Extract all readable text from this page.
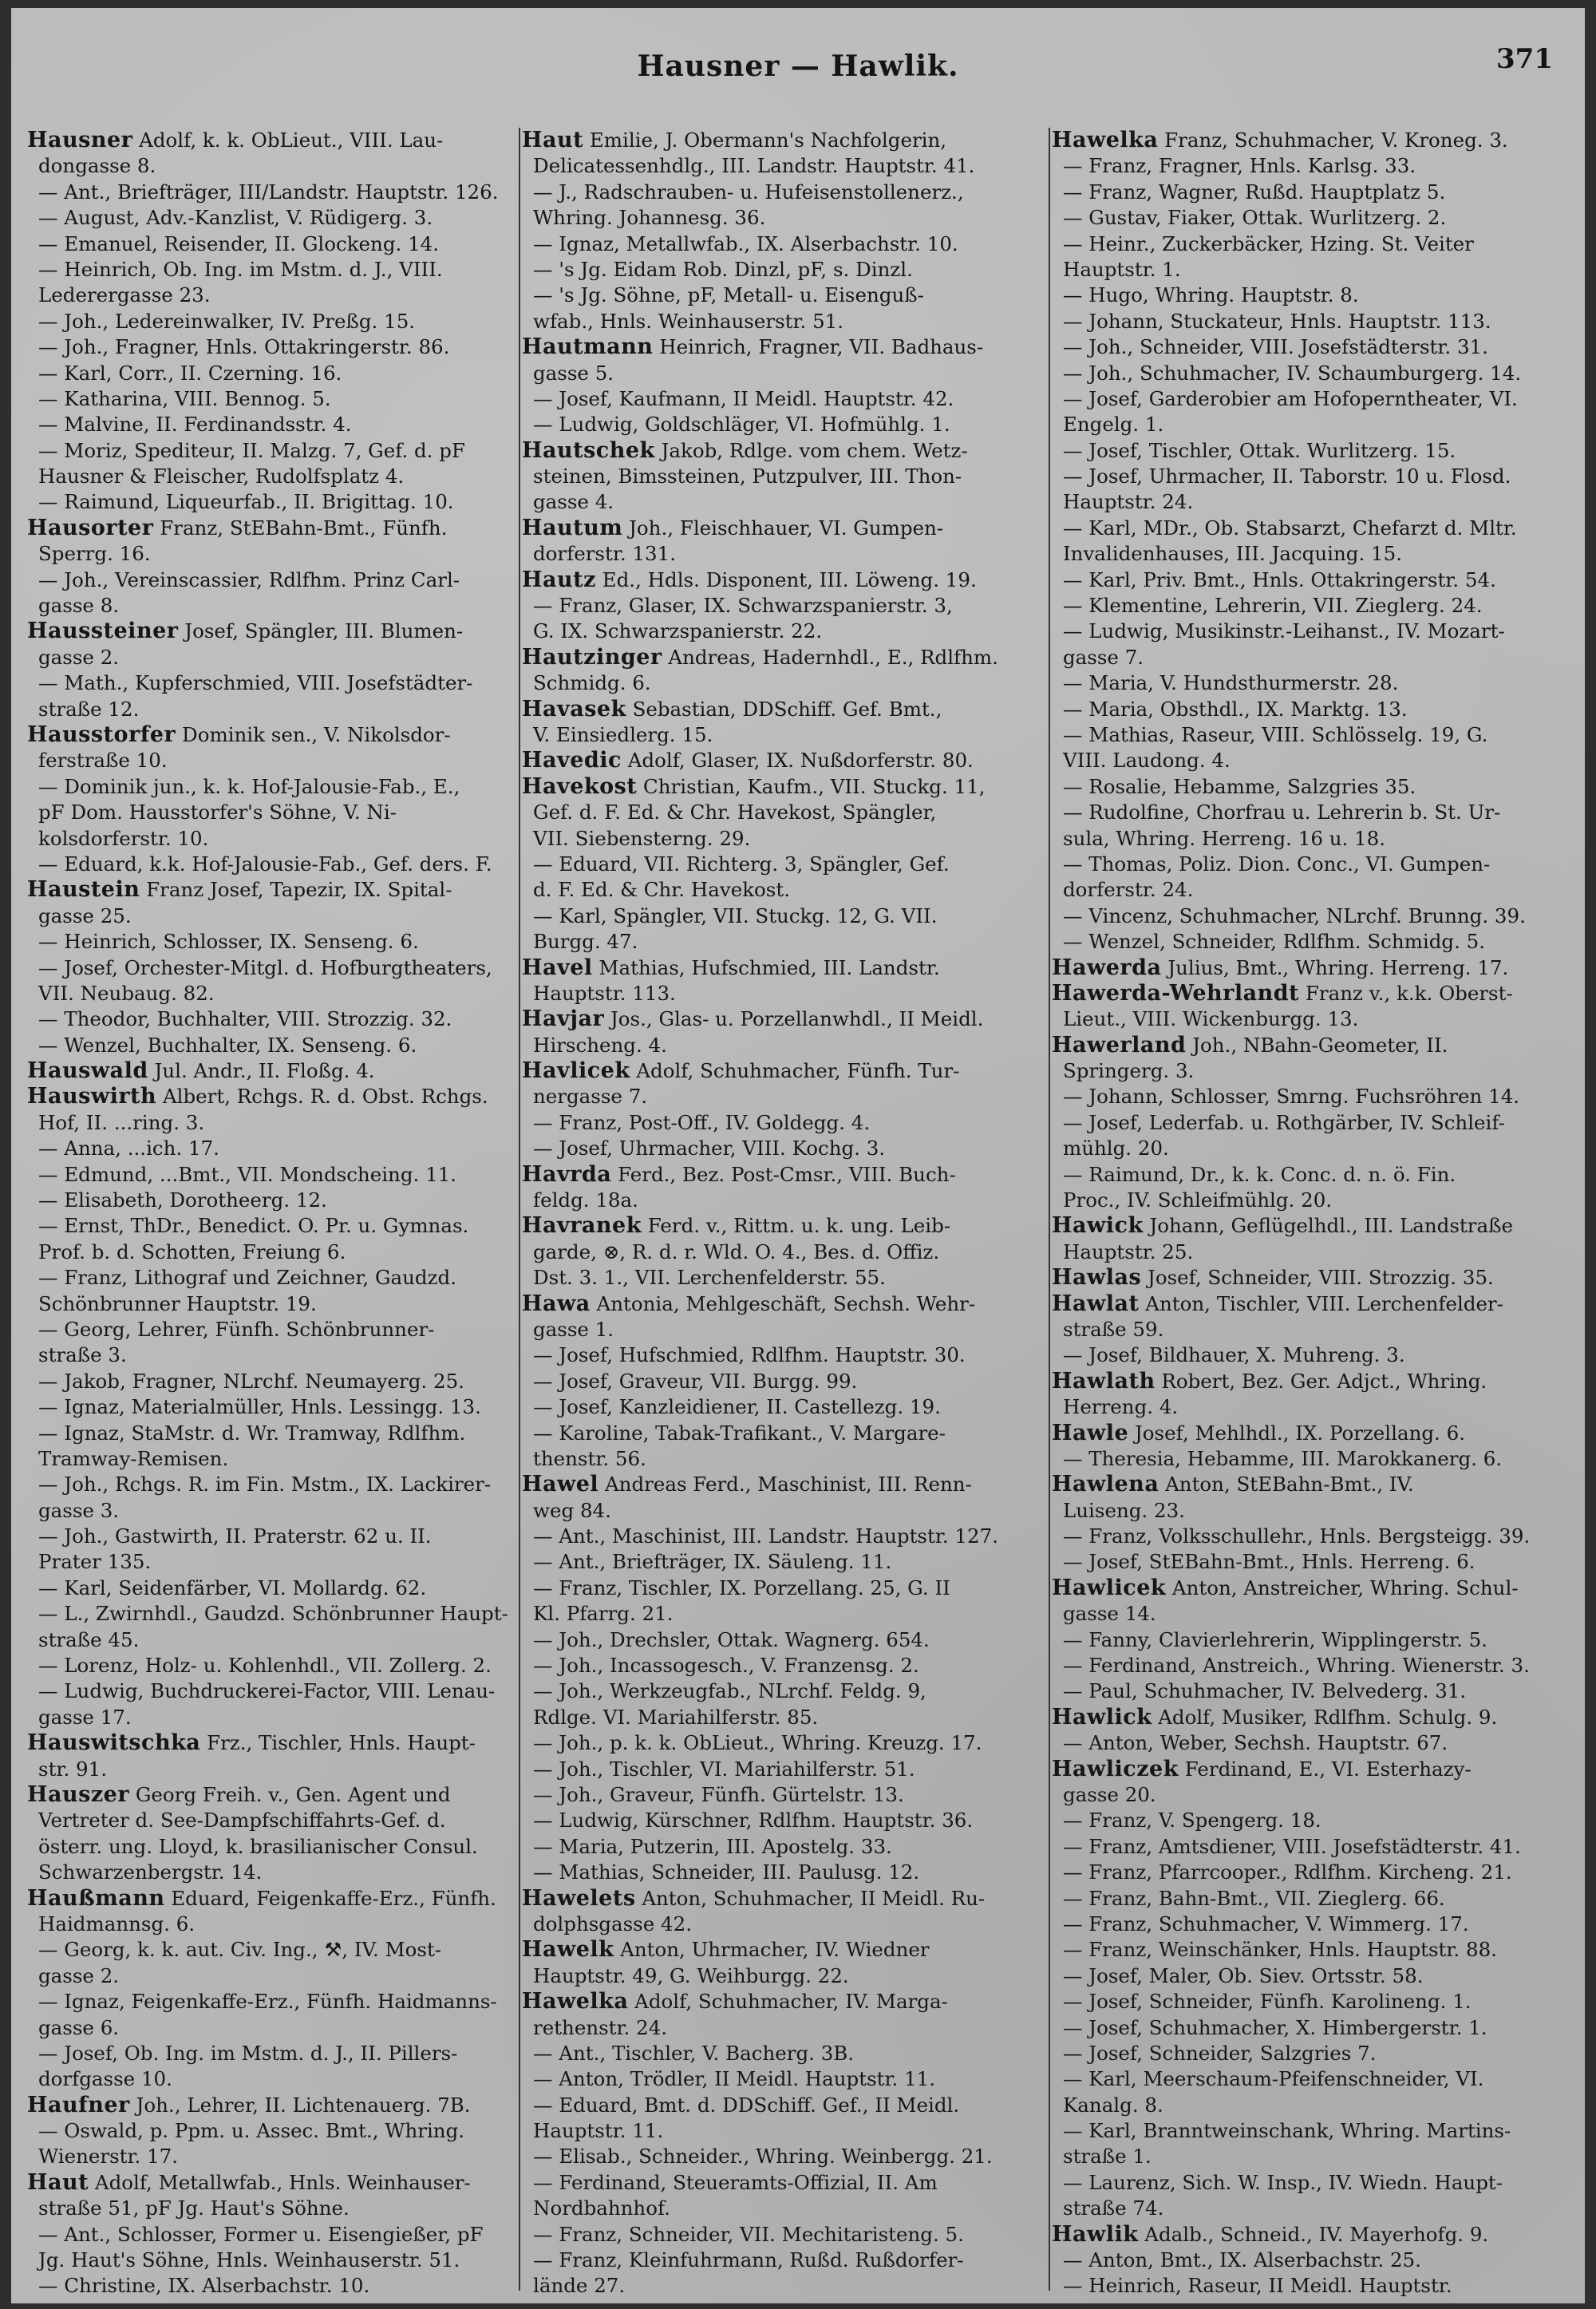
Hausner — Hawlik.	371
Hausner Adolf, k. k. ObLieut., VIII. Lau-
dongasse 8.
— Ant., Briefträger, III/Landstr. Hauptstr. 126.
— August, Adv.-Kanzlist, V. Rüdigerg. 3.
— Emanuel, Reisender, II. Glockeng. 14.
— Heinrich, Ob. Ing. im Mstm. d. J., VIII.
Lederergasse 23.
— Joh., Ledereinwalker, IV. Preßg. 15.
— Joh., Fragner, Hnls. Ottakringerstr. 86.
— Karl, Corr., II. Czerning. 16.
— Katharina, VIII. Bennog. 5.
— Malvine, II. Ferdinandsstr. 4.
— Moriz, Spediteur, II. Malzg. 7, Gef. d. pF
Hausner & Fleischer, Rudolfsplatz 4.
— Raimund, Liqueurfab., II. Brigittag. 10.
Hausorter Franz, StEBahn-Bmt., Fünfh.
Sperrg. 16.
— Joh., Vereinscassier, Rdlfhm. Prinz Carl-
gasse 8.
Haussteiner Josef, Spängler, III. Blumen-
gasse 2.
— Math., Kupferschmied, VIII. Josefstädter-
straße 12.
Hausstorfer Dominik sen., V. Nikolsdor-
ferstraße 10.
— Dominik jun., k. k. Hof-Jalousie-Fab., E.,
pF Dom. Hausstorfer's Söhne, V. Ni-
kolsdorferstr. 10.
— Eduard, k.k. Hof-Jalousie-Fab., Gef. ders. F.
Haustein Franz Josef, Tapezir, IX. Spital-
gasse 25.
— Heinrich, Schlosser, IX. Senseng. 6.
— Josef, Orchester-Mitgl. d. Hofburgtheaters,
VII. Neubaug. 82.
— Theodor, Buchhalter, VIII. Strozzig. 32.
— Wenzel, Buchhalter, IX. Senseng. 6.
Hauswald Jul. Andr., II. Floßg. 4.
Hauswirth Albert, Rchgs. R. d. Obst. Rchgs.
Hof, II. ...ring. 3.
— Anna, ...ich. 17.
— Edmund, ...Bmt., VII. Mondscheing. 11.
— Elisabeth, Dorotheerg. 12.
— Ernst, ThDr., Benedict. O. Pr. u. Gymnas.
Prof. b. d. Schotten, Freiung 6.
— Franz, Lithograf und Zeichner, Gaudzd.
Schönbrunner Hauptstr. 19.
— Georg, Lehrer, Fünfh. Schönbrunner-
straße 3.
— Jakob, Fragner, NLrchf. Neumayerg. 25.
— Ignaz, Materialmüller, Hnls. Lessingg. 13.
— Ignaz, StaMstr. d. Wr. Tramway, Rdlfhm.
Tramway-Remisen.
— Joh., Rchgs. R. im Fin. Mstm., IX. Lackirer-
gasse 3.
— Joh., Gastwirth, II. Praterstr. 62 u. II.
Prater 135.
— Karl, Seidenfärber, VI. Mollardg. 62.
— L., Zwirnhdl., Gaudzd. Schönbrunner Haupt-
straße 45.
— Lorenz, Holz- u. Kohlenhdl., VII. Zollerg. 2.
— Ludwig, Buchdruckerei-Factor, VIII. Lenau-
gasse 17.
Hauswitschka Frz., Tischler, Hnls. Haupt-
str. 91.
Hauszer Georg Freih. v., Gen. Agent und
Vertreter d. See-Dampfschiffahrts-Gef. d.
österr. ung. Lloyd, k. brasilianischer Consul.
Schwarzenbergstr. 14.
Haußmann Eduard, Feigenkaffe-Erz., Fünfh.
Haidmannsg. 6.
— Georg, k. k. aut. Civ. Ing., ⚒, IV. Most-
gasse 2.
— Ignaz, Feigenkaffe-Erz., Fünfh. Haidmanns-
gasse 6.
— Josef, Ob. Ing. im Mstm. d. J., II. Pillers-
dorfgasse 10.
Haufner Joh., Lehrer, II. Lichtenauerg. 7B.
— Oswald, p. Ppm. u. Assec. Bmt., Whring.
Wienerstr. 17.
Haut Adolf, Metallwfab., Hnls. Weinhauser-
straße 51, pF Jg. Haut's Söhne.
— Ant., Schlosser, Former u. Eisengießer, pF
Jg. Haut's Söhne, Hnls. Weinhauserstr. 51.
— Christine, IX. Alserbachstr. 10.
Haut Emilie, J. Obermann's Nachfolgerin,
Delicatessenhdlg., III. Landstr. Hauptstr. 41.
— J., Radschrauben- u. Hufeisenstollenerz.,
Whring. Johannesg. 36.
— Ignaz, Metallwfab., IX. Alserbachstr. 10.
— 's Jg. Eidam Rob. Dinzl, pF, s. Dinzl.
— 's Jg. Söhne, pF, Metall- u. Eisenguß-
wfab., Hnls. Weinhauserstr. 51.
Hautmann Heinrich, Fragner, VII. Badhaus-
gasse 5.
— Josef, Kaufmann, II Meidl. Hauptstr. 42.
— Ludwig, Goldschläger, VI. Hofmühlg. 1.
Hautschek Jakob, Rdlge. vom chem. Wetz-
steinen, Bimssteinen, Putzpulver, III. Thon-
gasse 4.
Hautum Joh., Fleischhauer, VI. Gumpen-
dorferstr. 131.
Hautz Ed., Hdls. Disponent, III. Löweng. 19.
— Franz, Glaser, IX. Schwarzspanierstr. 3,
G. IX. Schwarzspanierstr. 22.
Hautzinger Andreas, Hadernhdl., E., Rdlfhm.
Schmidg. 6.
Havasek Sebastian, DDSchiff. Gef. Bmt.,
V. Einsiedlerg. 15.
Havedic Adolf, Glaser, IX. Nußdorferstr. 80.
Havekost Christian, Kaufm., VII. Stuckg. 11,
Gef. d. F. Ed. & Chr. Havekost, Spängler,
VII. Siebensterng. 29.
— Eduard, VII. Richterg. 3, Spängler, Gef.
d. F. Ed. & Chr. Havekost.
— Karl, Spängler, VII. Stuckg. 12, G. VII.
Burgg. 47.
Havel Mathias, Hufschmied, III. Landstr.
Hauptstr. 113.
Havjar Jos., Glas- u. Porzellanwhdl., II Meidl.
Hirscheng. 4.
Havlicek Adolf, Schuhmacher, Fünfh. Tur-
nergasse 7.
— Franz, Post-Off., IV. Goldegg. 4.
— Josef, Uhrmacher, VIII. Kochg. 3.
Havrda Ferd., Bez. Post-Cmsr., VIII. Buch-
feldg. 18a.
Havranek Ferd. v., Rittm. u. k. ung. Leib-
garde, ⊗, R. d. r. Wld. O. 4., Bes. d. Offiz.
Dst. 3. 1., VII. Lerchenfelderstr. 55.
Hawa Antonia, Mehlgeschäft, Sechsh. Wehr-
gasse 1.
— Josef, Hufschmied, Rdlfhm. Hauptstr. 30.
— Josef, Graveur, VII. Burgg. 99.
— Josef, Kanzleidiener, II. Castellezg. 19.
— Karoline, Tabak-Trafikant., V. Margare-
thenstr. 56.
Hawel Andreas Ferd., Maschinist, III. Renn-
weg 84.
— Ant., Maschinist, III. Landstr. Hauptstr. 127.
— Ant., Briefträger, IX. Säuleng. 11.
— Franz, Tischler, IX. Porzellang. 25, G. II
Kl. Pfarrg. 21.
— Joh., Drechsler, Ottak. Wagnerg. 654.
— Joh., Incassogesch., V. Franzensg. 2.
— Joh., Werkzeugfab., NLrchf. Feldg. 9,
Rdlge. VI. Mariahilferstr. 85.
— Joh., p. k. k. ObLieut., Whring. Kreuzg. 17.
— Joh., Tischler, VI. Mariahilferstr. 51.
— Joh., Graveur, Fünfh. Gürtelstr. 13.
— Ludwig, Kürschner, Rdlfhm. Hauptstr. 36.
— Maria, Putzerin, III. Apostelg. 33.
— Mathias, Schneider, III. Paulusg. 12.
Hawelets Anton, Schuhmacher, II Meidl. Ru-
dolphsgasse 42.
Hawelk Anton, Uhrmacher, IV. Wiedner
Hauptstr. 49, G. Weihburgg. 22.
Hawelka Adolf, Schuhmacher, IV. Marga-
rethenstr. 24.
— Ant., Tischler, V. Bacherg. 3B.
— Anton, Trödler, II Meidl. Hauptstr. 11.
— Eduard, Bmt. d. DDSchiff. Gef., II Meidl.
Hauptstr. 11.
— Elisab., Schneider., Whring. Weinbergg. 21.
— Ferdinand, Steueramts-Offizial, II. Am
Nordbahnhof.
— Franz, Schneider, VII. Mechitaristeng. 5.
— Franz, Kleinfuhrmann, Rußd. Rußdorfer-
lände 27.
Hawelka Franz, Schuhmacher, V. Kroneg. 3.
— Franz, Fragner, Hnls. Karlsg. 33.
— Franz, Wagner, Rußd. Hauptplatz 5.
— Gustav, Fiaker, Ottak. Wurlitzerg. 2.
— Heinr., Zuckerbäcker, Hzing. St. Veiter
Hauptstr. 1.
— Hugo, Whring. Hauptstr. 8.
— Johann, Stuckateur, Hnls. Hauptstr. 113.
— Joh., Schneider, VIII. Josefstädterstr. 31.
— Joh., Schuhmacher, IV. Schaumburgerg. 14.
— Josef, Garderobier am Hofoperntheater, VI.
Engelg. 1.
— Josef, Tischler, Ottak. Wurlitzerg. 15.
— Josef, Uhrmacher, II. Taborstr. 10 u. Flosd.
Hauptstr. 24.
— Karl, MDr., Ob. Stabsarzt, Chefarzt d. Mltr.
Invalidenhauses, III. Jacquing. 15.
— Karl, Priv. Bmt., Hnls. Ottakringerstr. 54.
— Klementine, Lehrerin, VII. Zieglerg. 24.
— Ludwig, Musikinstr.-Leihanst., IV. Mozart-
gasse 7.
— Maria, V. Hundsthurmerstr. 28.
— Maria, Obsthdl., IX. Marktg. 13.
— Mathias, Raseur, VIII. Schlösselg. 19, G.
VIII. Laudong. 4.
— Rosalie, Hebamme, Salzgries 35.
— Rudolfine, Chorfrau u. Lehrerin b. St. Ur-
sula, Whring. Herreng. 16 u. 18.
— Thomas, Poliz. Dion. Conc., VI. Gumpen-
dorferstr. 24.
— Vincenz, Schuhmacher, NLrchf. Brunng. 39.
— Wenzel, Schneider, Rdlfhm. Schmidg. 5.
Hawerda Julius, Bmt., Whring. Herreng. 17.
Hawerda-Wehrlandt Franz v., k.k. Oberst-
Lieut., VIII. Wickenburgg. 13.
Hawerland Joh., NBahn-Geometer, II.
Springerg. 3.
— Johann, Schlosser, Smrng. Fuchsröhren 14.
— Josef, Lederfab. u. Rothgärber, IV. Schleif-
mühlg. 20.
— Raimund, Dr., k. k. Conc. d. n. ö. Fin.
Proc., IV. Schleifmühlg. 20.
Hawick Johann, Geflügelhdl., III. Landstraße
Hauptstr. 25.
Hawlas Josef, Schneider, VIII. Strozzig. 35.
Hawlat Anton, Tischler, VIII. Lerchenfelder-
straße 59.
— Josef, Bildhauer, X. Muhreng. 3.
Hawlath Robert, Bez. Ger. Adjct., Whring.
Herreng. 4.
Hawle Josef, Mehlhdl., IX. Porzellang. 6.
— Theresia, Hebamme, III. Marokkanerg. 6.
Hawlena Anton, StEBahn-Bmt., IV.
Luiseng. 23.
— Franz, Volksschullehr., Hnls. Bergsteigg. 39.
— Josef, StEBahn-Bmt., Hnls. Herreng. 6.
Hawlicek Anton, Anstreicher, Whring. Schul-
gasse 14.
— Fanny, Clavierlehrerin, Wipplingerstr. 5.
— Ferdinand, Anstreich., Whring. Wienerstr. 3.
— Paul, Schuhmacher, IV. Belvederg. 31.
Hawlick Adolf, Musiker, Rdlfhm. Schulg. 9.
— Anton, Weber, Sechsh. Hauptstr. 67.
Hawliczek Ferdinand, E., VI. Esterhazy-
gasse 20.
— Franz, V. Spengerg. 18.
— Franz, Amtsdiener, VIII. Josefstädterstr. 41.
— Franz, Pfarrcooper., Rdlfhm. Kircheng. 21.
— Franz, Bahn-Bmt., VII. Zieglerg. 66.
— Franz, Schuhmacher, V. Wimmerg. 17.
— Franz, Weinschänker, Hnls. Hauptstr. 88.
— Josef, Maler, Ob. Siev. Ortsstr. 58.
— Josef, Schneider, Fünfh. Karolineng. 1.
— Josef, Schuhmacher, X. Himbergerstr. 1.
— Josef, Schneider, Salzgries 7.
— Karl, Meerschaum-Pfeifenschneider, VI.
Kanalg. 8.
— Karl, Branntweinschank, Whring. Martins-
straße 1.
— Laurenz, Sich. W. Insp., IV. Wiedn. Haupt-
straße 74.
Hawlik Adalb., Schneid., IV. Mayerhofg. 9.
— Anton, Bmt., IX. Alserbachstr. 25.
— Heinrich, Raseur, II Meidl. Hauptstr.
